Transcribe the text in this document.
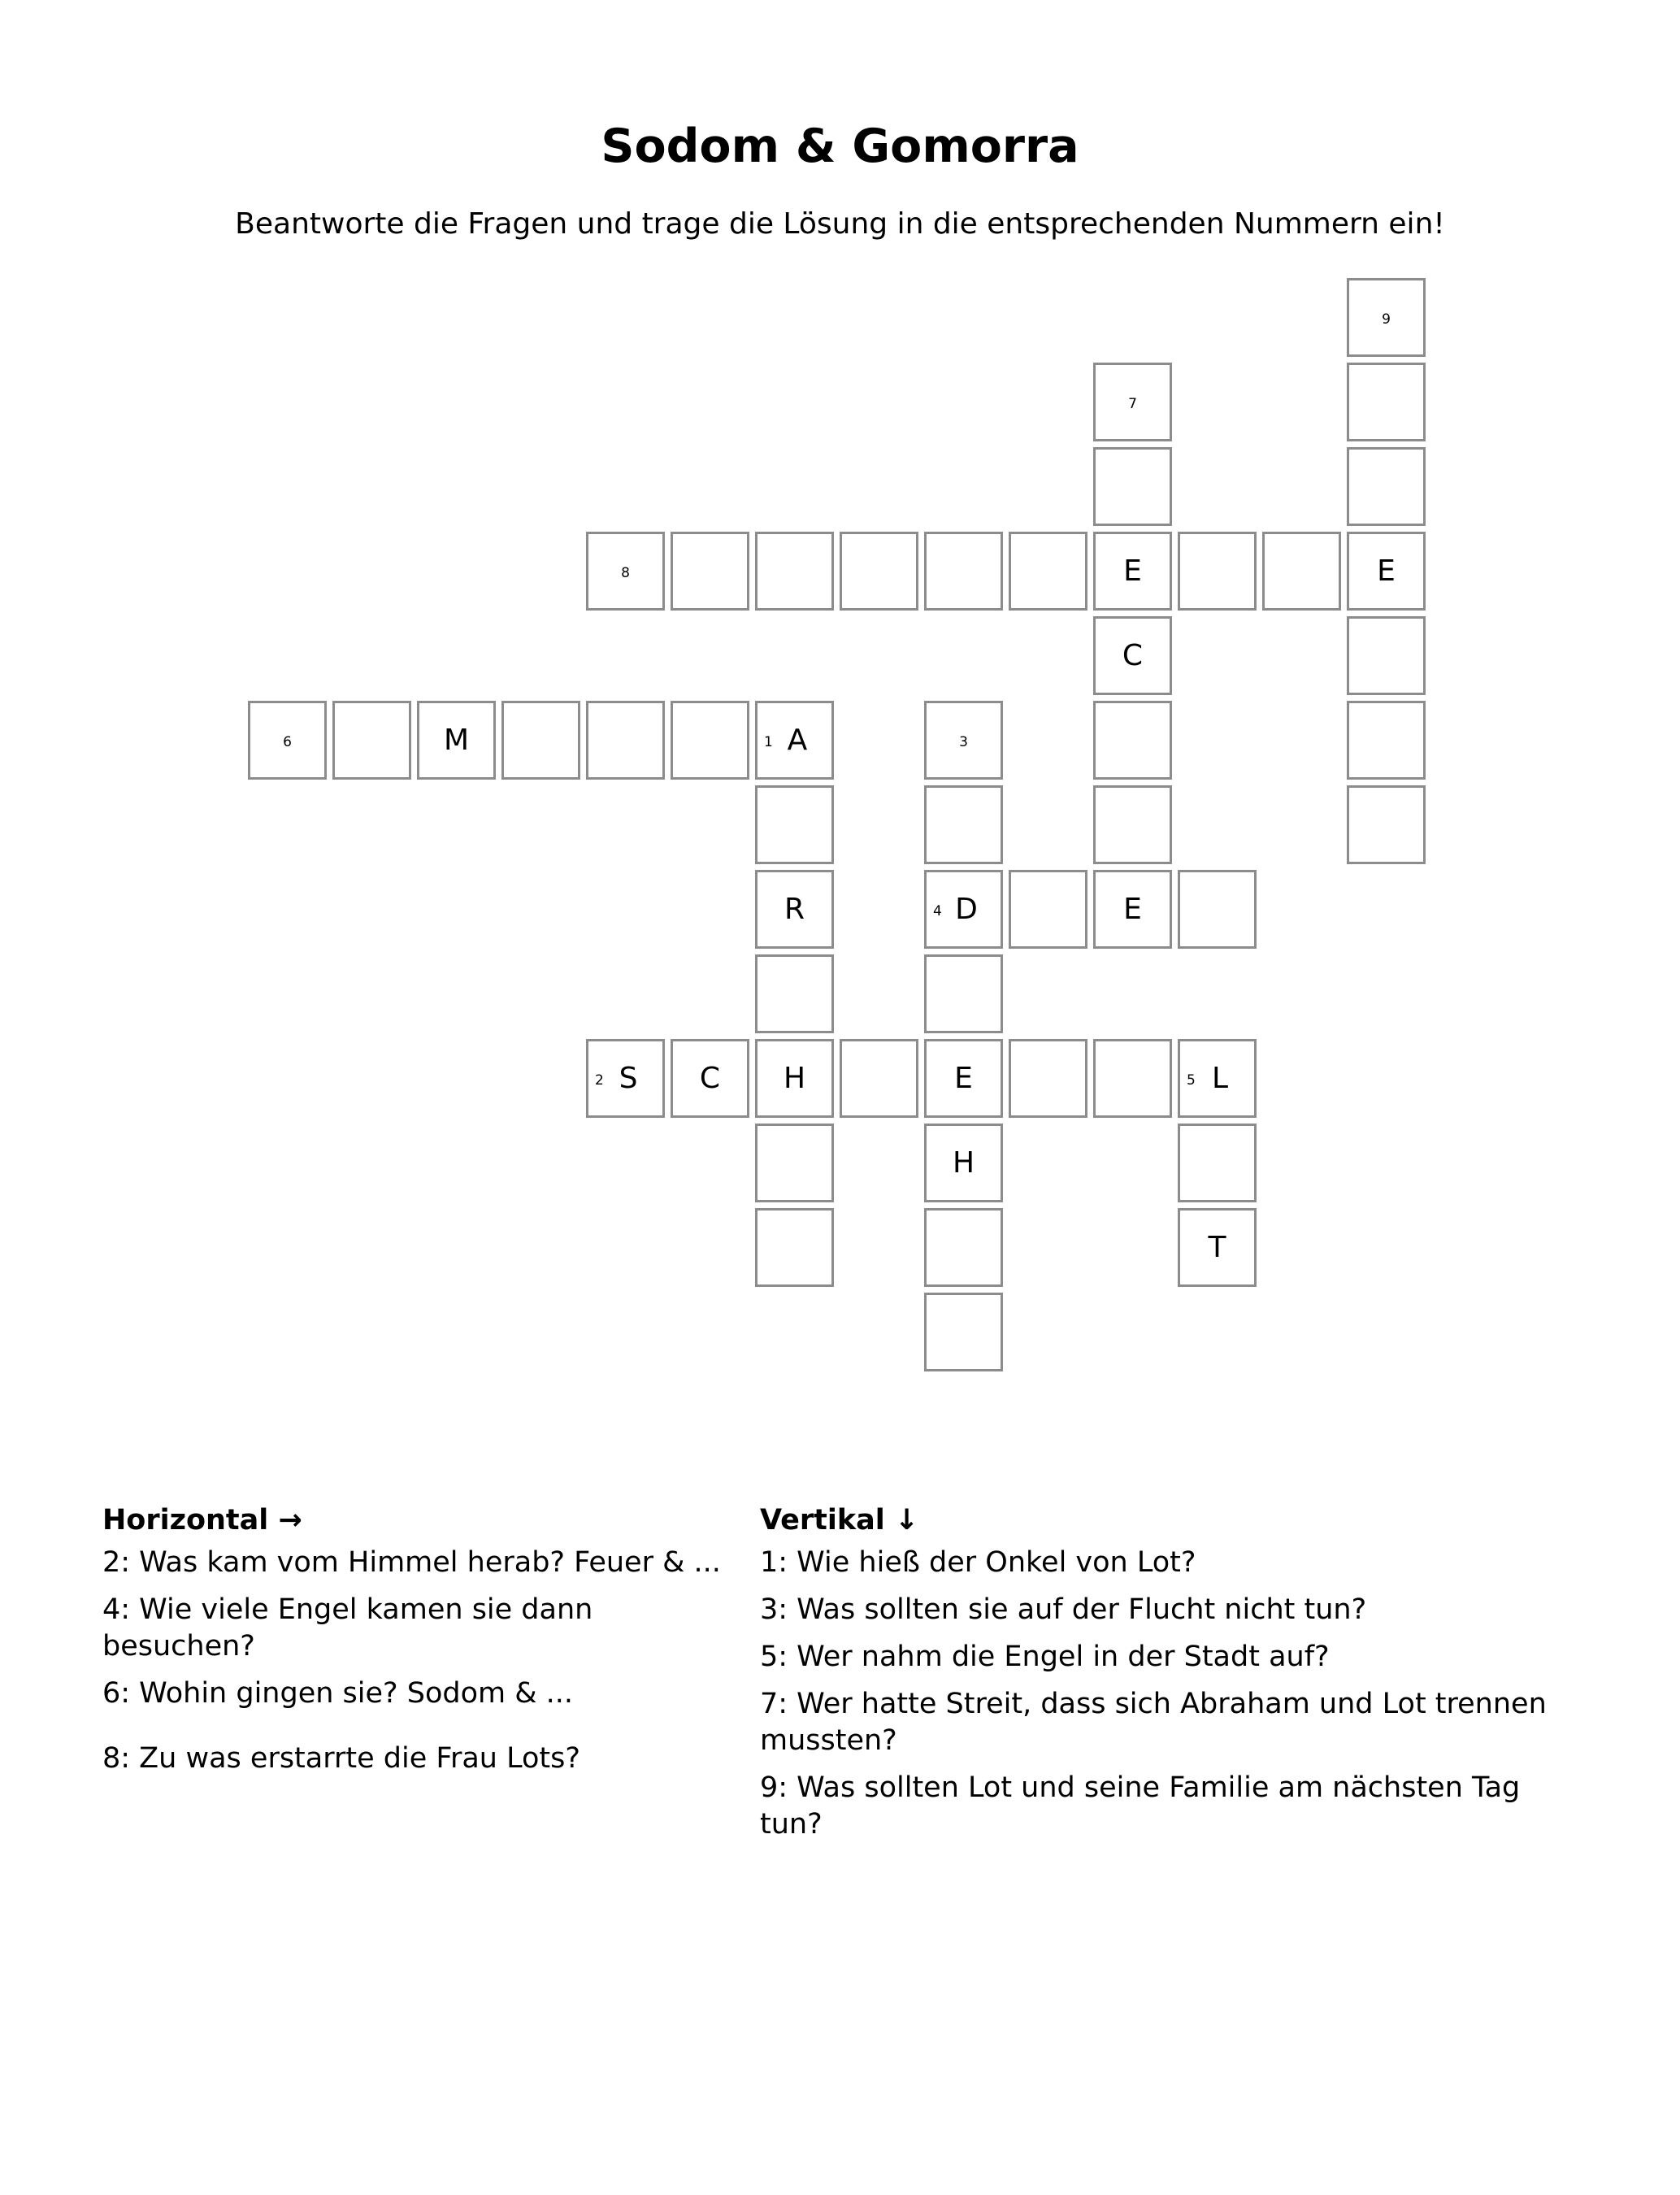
Sodom & Gomorra

Beantworte die Fragen und trage die Lösung in die entsprechenden Nummern ein!

9
7
8	E	E
C
6	M	1 A	3
R	4 D	E
2 S	C	H	E	5 L
H
T
Horizontal →

2: Was kam vom Himmel herab? Feuer & ...

4: Wie viele Engel kamen sie dann besuchen?

6: Wohin gingen sie? Sodom & ...

8: Zu was erstarrte die Frau Lots?

Vertikal ↓

1: Wie hieß der Onkel von Lot?

3: Was sollten sie auf der Flucht nicht tun?

5: Wer nahm die Engel in der Stadt auf?

7: Wer hatte Streit, dass sich Abraham und Lot trennen mussten?

9: Was sollten Lot und seine Familie am nächsten Tag tun?
